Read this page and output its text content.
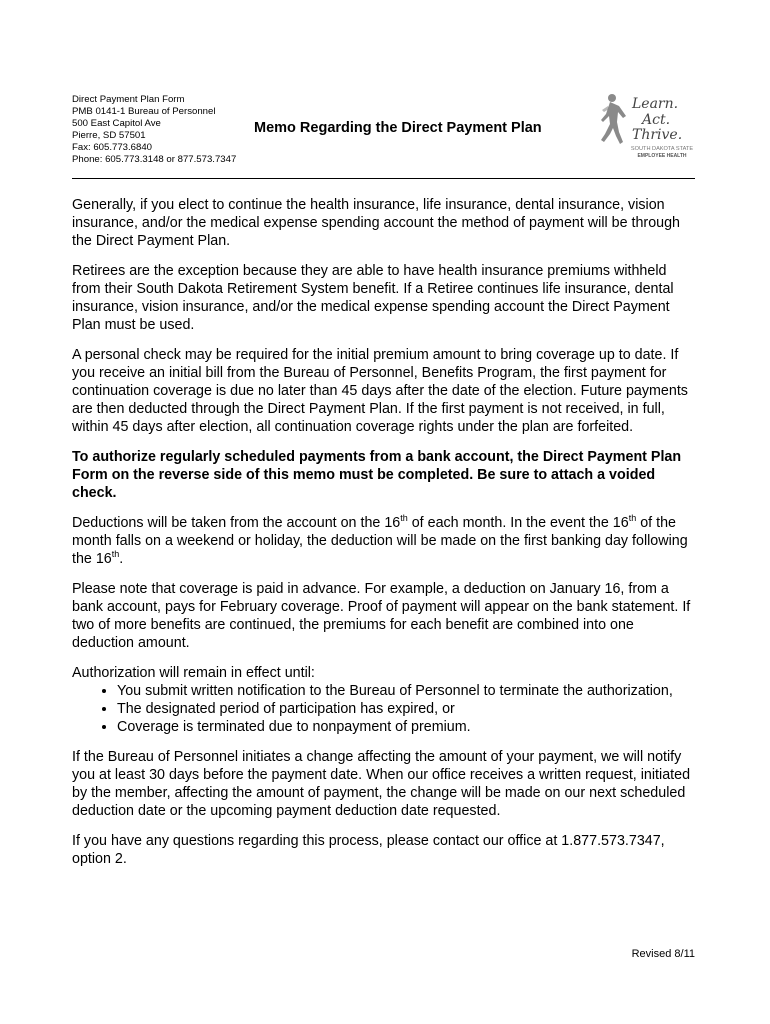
Direct Payment Plan Form
PMB 0141-1 Bureau of Personnel
500 East Capitol Ave
Pierre, SD 57501
Fax: 605.773.6840
Phone: 605.773.3148 or 877.573.7347
Memo Regarding the Direct Payment Plan
Learn.
Act.
Thrive.
SOUTH DAKOTA STATE
EMPLOYEE HEALTH

Generally, if you elect to continue the health insurance, life insurance, dental insurance, vision insurance, and/or the medical expense spending account the method of payment will be through the Direct Payment Plan.

Retirees are the exception because they are able to have health insurance premiums withheld from their South Dakota Retirement System benefit. If a Retiree continues life insurance, dental insurance, vision insurance, and/or the medical expense spending account the Direct Payment Plan must be used.

A personal check may be required for the initial premium amount to bring coverage up to date. If you receive an initial bill from the Bureau of Personnel, Benefits Program, the first payment for continuation coverage is due no later than 45 days after the date of the election. Future payments are then deducted through the Direct Payment Plan. If the first payment is not received, in full, within 45 days after election, all continuation coverage rights under the plan are forfeited.

To authorize regularly scheduled payments from a bank account, the Direct Payment Plan Form on the reverse side of this memo must be completed. Be sure to attach a voided check.

Deductions will be taken from the account on the 16th of each month. In the event the 16th of the month falls on a weekend or holiday, the deduction will be made on the first banking day following the 16th.

Please note that coverage is paid in advance. For example, a deduction on January 16, from a bank account, pays for February coverage. Proof of payment will appear on the bank statement. If two of more benefits are continued, the premiums for each benefit are combined into one deduction amount.

Authorization will remain in effect until:

• You submit written notification to the Bureau of Personnel to terminate the authorization,
• The designated period of participation has expired, or
• Coverage is terminated due to nonpayment of premium.

If the Bureau of Personnel initiates a change affecting the amount of your payment, we will notify you at least 30 days before the payment date. When our office receives a written request, initiated by the member, affecting the amount of payment, the change will be made on our next scheduled deduction date or the upcoming payment deduction date requested.

If you have any questions regarding this process, please contact our office at 1.877.573.7347, option 2.

Revised 8/11
